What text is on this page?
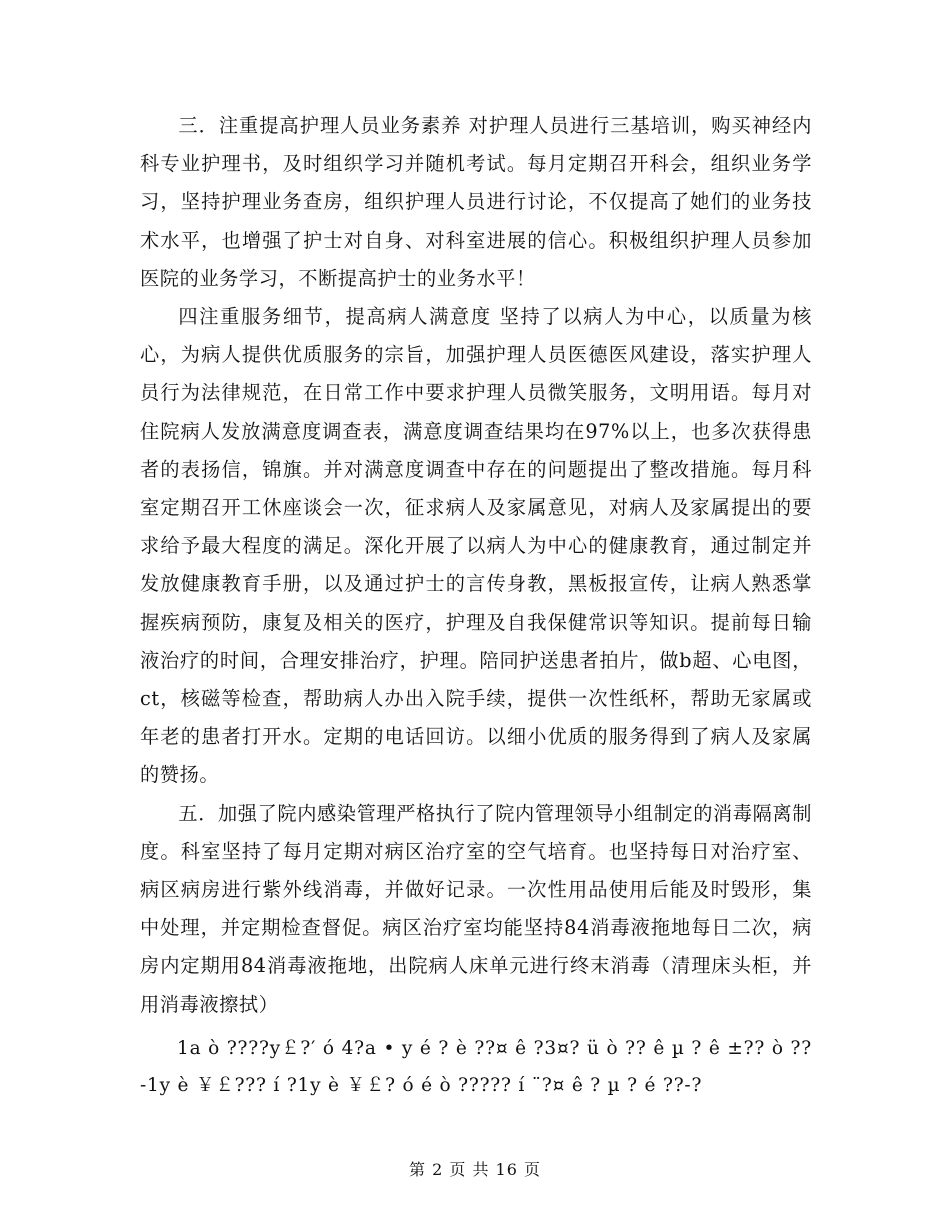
三．注重提高护理人员业务素养 对护理人员进行三基培训，购买神经内科专业护理书，及时组织学习并随机考试。每月定期召开科会，组织业务学习，坚持护理业务查房，组织护理人员进行讨论，不仅提高了她们的业务技术水平，也增强了护士对自身、对科室进展的信心。积极组织护理人员参加医院的业务学习，不断提高护士的业务水平！

四注重服务细节，提高病人满意度 坚持了以病人为中心，以质量为核心，为病人提供优质服务的宗旨，加强护理人员医德医风建设，落实护理人员行为法律规范，在日常工作中要求护理人员微笑服务，文明用语。每月对住院病人发放满意度调查表，满意度调查结果均在97%以上，也多次获得患者的表扬信，锦旗。并对满意度调查中存在的问题提出了整改措施。每月科室定期召开工休座谈会一次，征求病人及家属意见，对病人及家属提出的要求给予最大程度的满足。深化开展了以病人为中心的健康教育，通过制定并发放健康教育手册，以及通过护士的言传身教，黑板报宣传，让病人熟悉掌握疾病预防，康复及相关的医疗，护理及自我保健常识等知识。提前每日输液治疗的时间，合理安排治疗，护理。陪同护送患者拍片，做b超、心电图，ct，核磁等检查，帮助病人办出入院手续，提供一次性纸杯，帮助无家属或年老的患者打开水。定期的电话回访。以细小优质的服务得到了病人及家属的赞扬。

五．加强了院内感染管理严格执行了院内管理领导小组制定的消毒隔离制度。科室坚持了每月定期对病区治疗室的空气培育。也坚持每日对治疗室、病区病房进行紫外线消毒，并做好记录。一次性用品使用后能及时毁形，集中处理，并定期检查督促。病区治疗室均能坚持84消毒液拖地每日二次，病房内定期用84消毒液拖地，出院病人床单元进行终末消毒（清理床头柜，并用消毒液擦拭）

1a ò ????y￡?′ ó 4?a • y é ? è ??¤ ê ?3¤? ü ò ?? ê µ ? ê ±?? ò ??-1y è ￥￡??? í ?1y è ￥￡? ó é ò ????? í ¨?¤ ê ? µ ? é ??-?

第 2 页 共 16 页
